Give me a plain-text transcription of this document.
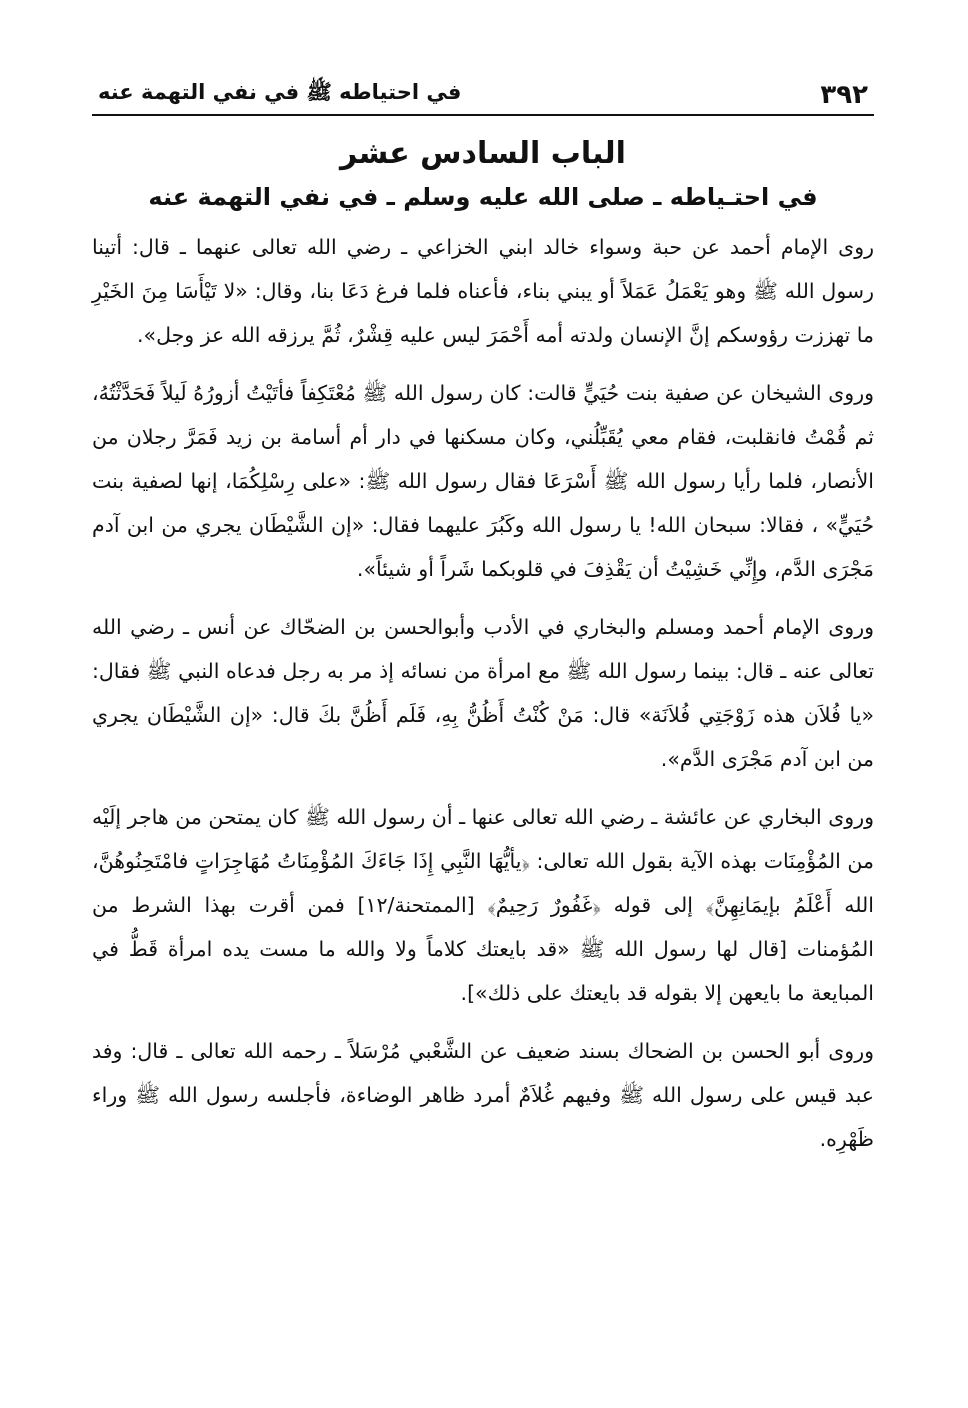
٣٩٢
في احتياطه ﷺ في نفي التهمة عنه
الباب السادس عشر
في احتـياطه ـ صلى الله عليه وسلم ـ في نفي التهمة عنه

روى الإمام أحمد عن حبة وسواء خالد ابني الخزاعي ـ رضي الله تعالى عنهما ـ قال: أتينا رسول الله ﷺ وهو يَعْمَلُ عَمَلاً أو يبني بناء، فأعناه فلما فرغ دَعَا بنا، وقال: «لا تَيْأَسَا مِنَ الخَيْرِ ما تهززت رؤوسكم إنَّ الإنسان ولدته أمه أَحْمَرَ ليس عليه قِشْرٌ، ثُمَّ يرزقه الله عز وجل».

وروى الشيخان عن صفية بنت حُيَيٍّ قالت: كان رسول الله ﷺ مُعْتَكِفاً فأتَيْتُ أزورُهُ لَيلاً فَحَدَّثْتُهُ، ثم قُمْتُ فانقلبت، فقام معي يُقَبِّلُني، وكان مسكنها في دار أم أسامة بن زيد فَمَرَّ رجلان من الأنصار، فلما رأيا رسول الله ﷺ أَسْرَعَا فقال رسول الله ﷺ: «على رِسْلِكُمَا، إنها لصفية بنت حُيَيٍّ» ، فقالا: سبحان الله! يا رسول الله وكَبُرَ عليهما فقال: «إن الشَّيْطَان يجري من ابن آدم مَجْرَى الدَّم، وإِنِّي خَشِيْتُ أن يَقْذِفَ في قلوبكما شَراً أو شيئاً».

وروى الإمام أحمد ومسلم والبخاري في الأدب وأبوالحسن بن الضحّاك عن أنس ـ رضي الله تعالى عنه ـ قال: بينما رسول الله ﷺ مع امرأة من نسائه إذ مر به رجل فدعاه النبي ﷺ فقال: «يا فُلاَن هذه زَوْجَتِي فُلاَنَة» قال: مَنْ كُنْتُ أَظُنُّ بِهِ، فَلَم أَظُنَّ بكَ قال: «إن الشَّيْطَان يجري من ابن آدم مَجْرَى الدَّم».

وروى البخاري عن عائشة ـ رضي الله تعالى عنها ـ أن رسول الله ﷺ كان يمتحن من هاجر إلَيْه من المُؤْمِنَات بهذه الآية بقول الله تعالى: ﴿يأيُّهَا النَّبِي إِذَا جَاءَكَ المُؤْمِنَاتُ مُهَاجِرَاتٍ فامْتَحِنُوهُنَّ، الله أَعْلَمُ بإيمَانِهِنَّ﴾ إلى قوله ﴿غَفُورٌ رَحِيمٌ﴾ [الممتحنة/١٢] فمن أقرت بهذا الشرط من المُؤمنات [قال لها رسول الله ﷺ «قد بايعتك كلاماً ولا والله ما مست يده امرأة قَطُّ في المبايعة ما بايعهن إلا بقوله قد بايعتك على ذلك»].

وروى أبو الحسن بن الضحاك بسند ضعيف عن الشَّعْبي مُرْسَلاً ـ رحمه الله تعالى ـ قال: وفد عبد قيس على رسول الله ﷺ وفيهم غُلاَمٌ أمرد ظاهر الوضاءة، فأجلسه رسول الله ﷺ وراء ظَهْرِه.
